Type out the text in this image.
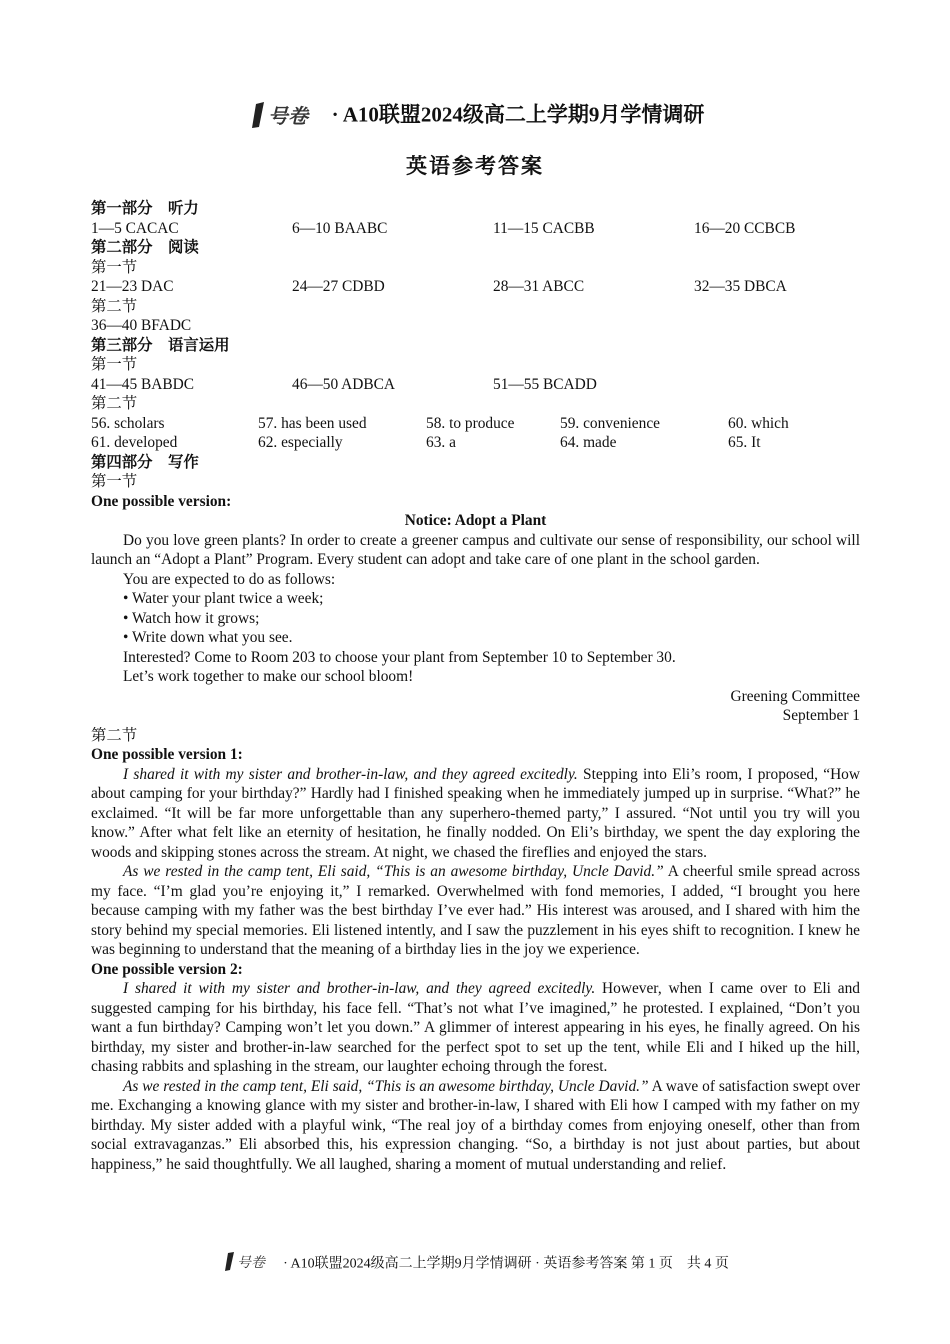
号卷 · A10联盟2024级高二上学期9月学情调研
英语参考答案
第一部分　听力
1—5 CACAC	6—10 BAABC	11—15 CACBB	16—20 CCBCB
第二部分　阅读
第一节
21—23 DAC	24—27 CDBD	28—31 ABCC	32—35 DBCA
第二节
36—40 BFADC
第三部分　语言运用
第一节
41—45 BABDC	46—50 ADBCA	51—55 BCADD
第二节
56. scholars	57. has been used	58. to produce	59. convenience	60. which
61. developed	62. especially	63. a	64. made	65. It
第四部分　写作
第一节
One possible version:
Notice: Adopt a Plant

Do you love green plants? In order to create a greener campus and cultivate our sense of responsibility, our school will launch an “Adopt a Plant” Program. Every student can adopt and take care of one plant in the school garden.

You are expected to do as follows:

• Water your plant twice a week;

• Watch how it grows;

• Write down what you see.

Interested? Come to Room 203 to choose your plant from September 10 to September 30.

Let’s work together to make our school bloom!

Greening Committee
September 1
第二节
One possible version 1:

I shared it with my sister and brother-in-law, and they agreed excitedly. Stepping into Eli’s room, I proposed, “How about camping for your birthday?” Hardly had I finished speaking when he immediately jumped up in surprise. “What?” he exclaimed. “It will be far more unforgettable than any superhero-themed party,” I assured. “Not until you try will you know.” After what felt like an eternity of hesitation, he finally nodded. On Eli’s birthday, we spent the day exploring the woods and skipping stones across the stream. At night, we chased the fireflies and enjoyed the stars.

As we rested in the camp tent, Eli said, “This is an awesome birthday, Uncle David.” A cheerful smile spread across my face. “I’m glad you’re enjoying it,” I remarked. Overwhelmed with fond memories, I added, “I brought you here because camping with my father was the best birthday I’ve ever had.” His interest was aroused, and I shared with him the story behind my special memories. Eli listened intently, and I saw the puzzlement in his eyes shift to recognition. I knew he was beginning to understand that the meaning of a birthday lies in the joy we experience.

One possible version 2:

I shared it with my sister and brother-in-law, and they agreed excitedly. However, when I came over to Eli and suggested camping for his birthday, his face fell. “That’s not what I’ve imagined,” he protested. I explained, “Don’t you want a fun birthday? Camping won’t let you down.” A glimmer of interest appearing in his eyes, he finally agreed. On his birthday, my sister and brother-in-law searched for the perfect spot to set up the tent, while Eli and I hiked up the hill, chasing rabbits and splashing in the stream, our laughter echoing through the forest.

As we rested in the camp tent, Eli said, “This is an awesome birthday, Uncle David.” A wave of satisfaction swept over me. Exchanging a knowing glance with my sister and brother-in-law, I shared with Eli how I camped with my father on my birthday. My sister added with a playful wink, “The real joy of a birthday comes from enjoying oneself, other than from social extravaganzas.” Eli absorbed this, his expression changing. “So, a birthday is not just about parties, but about happiness,” he said thoughtfully. We all laughed, sharing a moment of mutual understanding and relief.

号卷 · A10联盟2024级高二上学期9月学情调研 · 英语参考答案 第 1 页　共 4 页
